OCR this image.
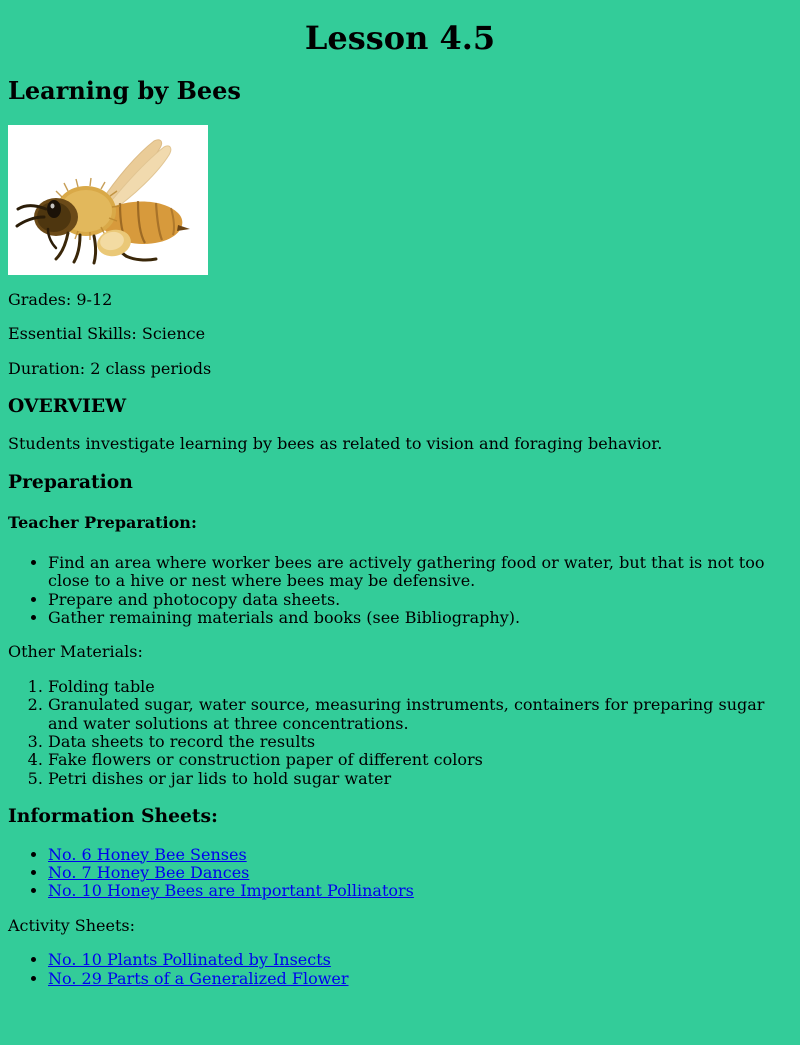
Lesson 4.5
Learning by Bees

Grades: 9-12

Essential Skills: Science

Duration: 2 class periods

OVERVIEW

Students investigate learning by bees as related to vision and foraging behavior.

Preparation
Teacher Preparation:
• Find an area where worker bees are actively gathering food or water, but that is not too close to a hive or nest where bees may be defensive.
• Prepare and photocopy data sheets.
• Gather remaining materials and books (see Bibliography).

Other Materials:

1. Folding table
2. Granulated sugar, water source, measuring instruments, containers for preparing sugar and water solutions at three concentrations.
3. Data sheets to record the results
4. Fake flowers or construction paper of different colors
5. Petri dishes or jar lids to hold sugar water
Information Sheets:
• No. 6 Honey Bee Senses
• No. 7 Honey Bee Dances
• No. 10 Honey Bees are Important Pollinators

Activity Sheets:

• No. 10 Plants Pollinated by Insects
• No. 29 Parts of a Generalized Flower
